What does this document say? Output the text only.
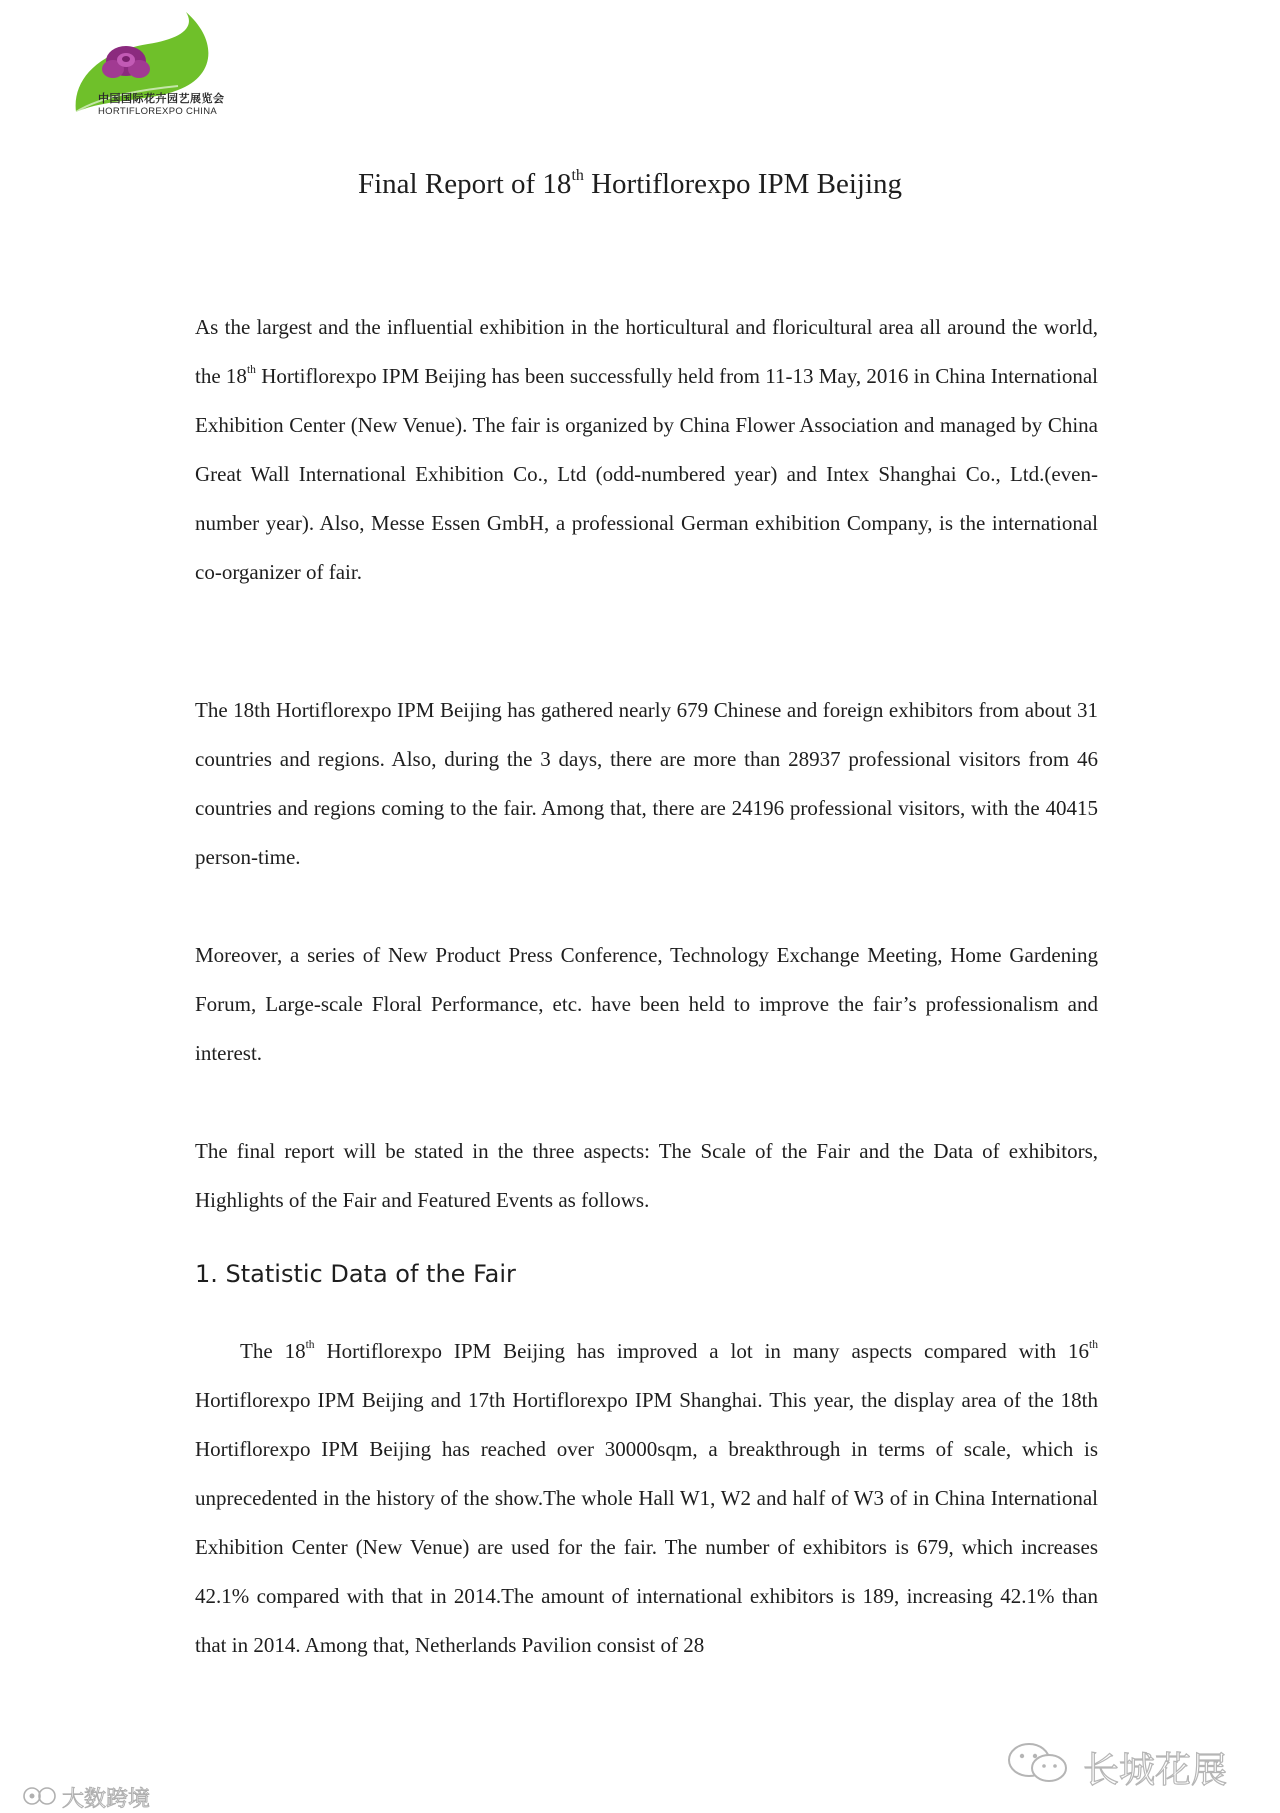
中国国际花卉园艺展览会
HORTIFLOREXPO CHINA
Final Report of 18th Hortiflorexpo IPM Beijing

As the largest and the influential exhibition in the horticultural and floricultural area all around the world, the 18th Hortiflorexpo IPM Beijing has been successfully held from 11-13 May, 2016 in China International Exhibition Center (New Venue). The fair is organized by China Flower Association and managed by China Great Wall International Exhibition Co., Ltd (odd-numbered year) and Intex Shanghai Co., Ltd.(even-number year). Also, Messe Essen GmbH, a professional German exhibition Company, is the international co-organizer of fair.

The 18th Hortiflorexpo IPM Beijing has gathered nearly 679 Chinese and foreign exhibitors from about 31 countries and regions. Also, during the 3 days, there are more than 28937 professional visitors from 46 countries and regions coming to the fair. Among that, there are 24196 professional visitors, with the 40415 person-time.

Moreover, a series of New Product Press Conference, Technology Exchange Meeting, Home Gardening Forum, Large-scale Floral Performance, etc. have been held to improve the fair’s professionalism and interest.

The final report will be stated in the three aspects: The Scale of the Fair and the Data of exhibitors, Highlights of the Fair and Featured Events as follows.

1. Statistic Data of the Fair

The 18th Hortiflorexpo IPM Beijing has improved a lot in many aspects compared with 16th Hortiflorexpo IPM Beijing and 17th Hortiflorexpo IPM Shanghai. This year, the display area of the 18th Hortiflorexpo IPM Beijing has reached over 30000sqm, a breakthrough in terms of scale, which is unprecedented in the history of the show.The whole Hall W1, W2 and half of W3 of in China International Exhibition Center (New Venue) are used for the fair. The number of exhibitors is 679, which increases 42.1% compared with that in 2014.The amount of international exhibitors is 189, increasing 42.1% than that in 2014. Among that, Netherlands Pavilion consist of 28

长城花展
大数跨境
